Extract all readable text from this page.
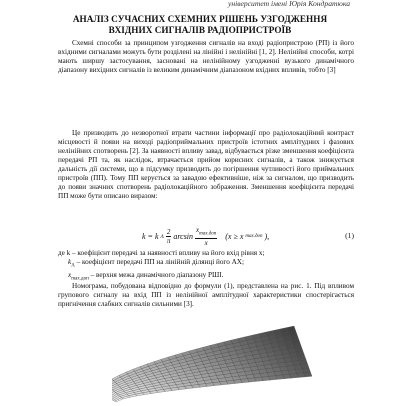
університет імені Юрія Кондратюка
АНАЛІЗ СУЧАСНИХ СХЕМНИХ РІШЕНЬ УЗГОДЖЕННЯ
ВХІДНИХ СИГНАЛІВ РАДІОПРИСТРОЇВ

Схемні способи за принципом узгодження сигналів на вході радіопристрою (РП) із його вхідними сигналами можуть бути розділені на лінійні і нелінійні [1, 2]. Нелінійні способи, котрі мають ширшу застосування, засновані на нелінійному узгодженні вузького динамічного діапазону вихідних сигналів із великим динамічним діапазоном вхідних впливів, тобто [3]

Це призводить до незворотної втрати частини інформації про радіолокаційний контраст місцевості й появи на виході радіоприймальних пристроїв істотних амплітудних і фазових нелінійних спотворень [2]. За наявності впливу завад, відбувається різке зменшення коефіцієнта передачі РП та, як наслідок, втрачається прийом корисних сигналів, а також знижується дальність дії системи, що в підсумку призводить до погіршення чутливості його приймальних пристроїв (ПП). Тому ПП керується за завадою ефективніше, ніж за сигналом, що призводить до появи значних спотворень радіолокаційного зображення. Зменшення коефіцієнта передачі ПП може бути описано виразом:

k = k Λ $\frac{2}{\pi}$ $\arcsin \frac{x_{max.доп}}{x} (x \ge x$ max.доп ),	(1)
де k – коефіцієнт передачі за наявності впливу на його вхід рівня x;
$k_\Lambda$ – коефіцієнт передачі ПП на лінійній ділянці його АХ;
$x_{max.доп}$ – верхня межа динамічного діапазону РШІ.

Номограма, побудована відповідно до формули (1), представлена на рис. 1. Під впливом групового сигналу на вхід ПП із нелінійної амплітудної характеристики спостерігається пригнічення слабких сигналів сильними [3].
